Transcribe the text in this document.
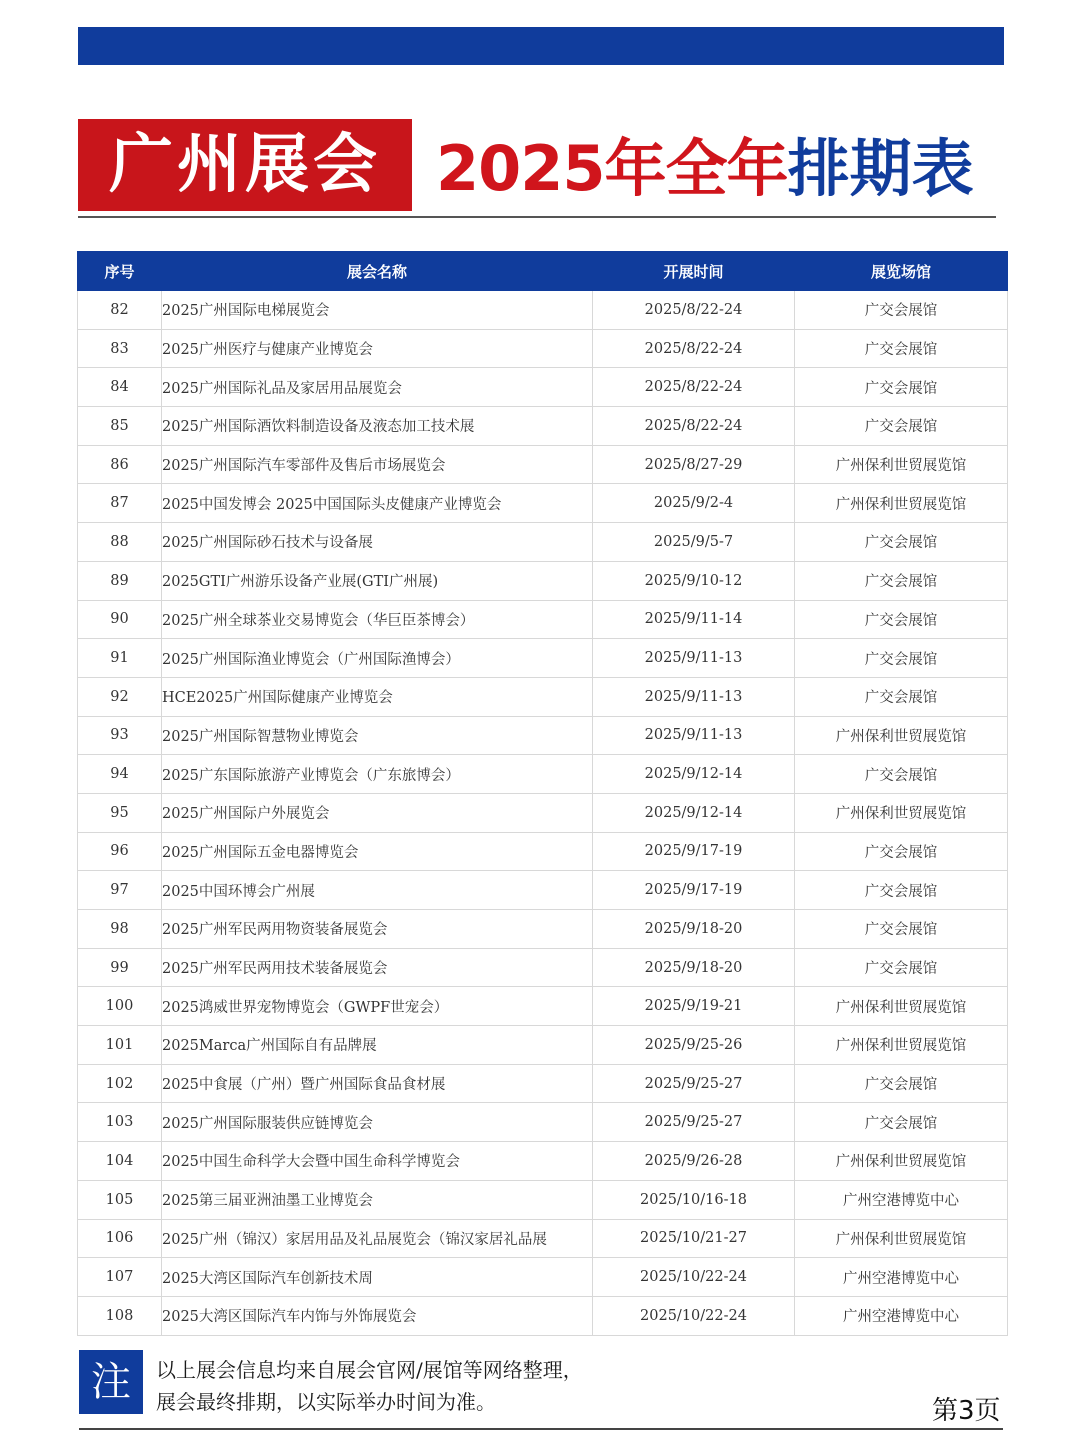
广州展会 2025年全年排期表
序号	展会名称	开展时间	展览场馆
82	2025广州国际电梯展览会	2025/8/22-24	广交会展馆
83	2025广州医疗与健康产业博览会	2025/8/22-24	广交会展馆
84	2025广州国际礼品及家居用品展览会	2025/8/22-24	广交会展馆
85	2025广州国际酒饮料制造设备及液态加工技术展	2025/8/22-24	广交会展馆
86	2025广州国际汽车零部件及售后市场展览会	2025/8/27-29	广州保利世贸展览馆
87	2025中国发博会 2025中国国际头皮健康产业博览会	2025/9/2-4	广州保利世贸展览馆
88	2025广州国际砂石技术与设备展	2025/9/5-7	广交会展馆
89	2025GTI广州游乐设备产业展(GTI广州展)	2025/9/10-12	广交会展馆
90	2025广州全球茶业交易博览会（华巨臣茶博会）	2025/9/11-14	广交会展馆
91	2025广州国际渔业博览会（广州国际渔博会）	2025/9/11-13	广交会展馆
92	HCE2025广州国际健康产业博览会	2025/9/11-13	广交会展馆
93	2025广州国际智慧物业博览会	2025/9/11-13	广州保利世贸展览馆
94	2025广东国际旅游产业博览会（广东旅博会）	2025/9/12-14	广交会展馆
95	2025广州国际户外展览会	2025/9/12-14	广州保利世贸展览馆
96	2025广州国际五金电器博览会	2025/9/17-19	广交会展馆
97	2025中国环博会广州展	2025/9/17-19	广交会展馆
98	2025广州军民两用物资装备展览会	2025/9/18-20	广交会展馆
99	2025广州军民两用技术装备展览会	2025/9/18-20	广交会展馆
100	2025鸿威世界宠物博览会（GWPF世宠会）	2025/9/19-21	广州保利世贸展览馆
101	2025Marca广州国际自有品牌展	2025/9/25-26	广州保利世贸展览馆
102	2025中食展（广州）暨广州国际食品食材展	2025/9/25-27	广交会展馆
103	2025广州国际服装供应链博览会	2025/9/25-27	广交会展馆
104	2025中国生命科学大会暨中国生命科学博览会	2025/9/26-28	广州保利世贸展览馆
105	2025第三届亚洲油墨工业博览会	2025/10/16-18	广州空港博览中心
106	2025广州（锦汉）家居用品及礼品展览会（锦汉家居礼品展	2025/10/21-27	广州保利世贸展览馆
107	2025大湾区国际汽车创新技术周	2025/10/22-24	广州空港博览中心
108	2025大湾区国际汽车内饰与外饰展览会	2025/10/22-24	广州空港博览中心
注	以上展会信息均来自展会官网/展馆等网络整理，
展会最终排期，以实际举办时间为准。	第3页
